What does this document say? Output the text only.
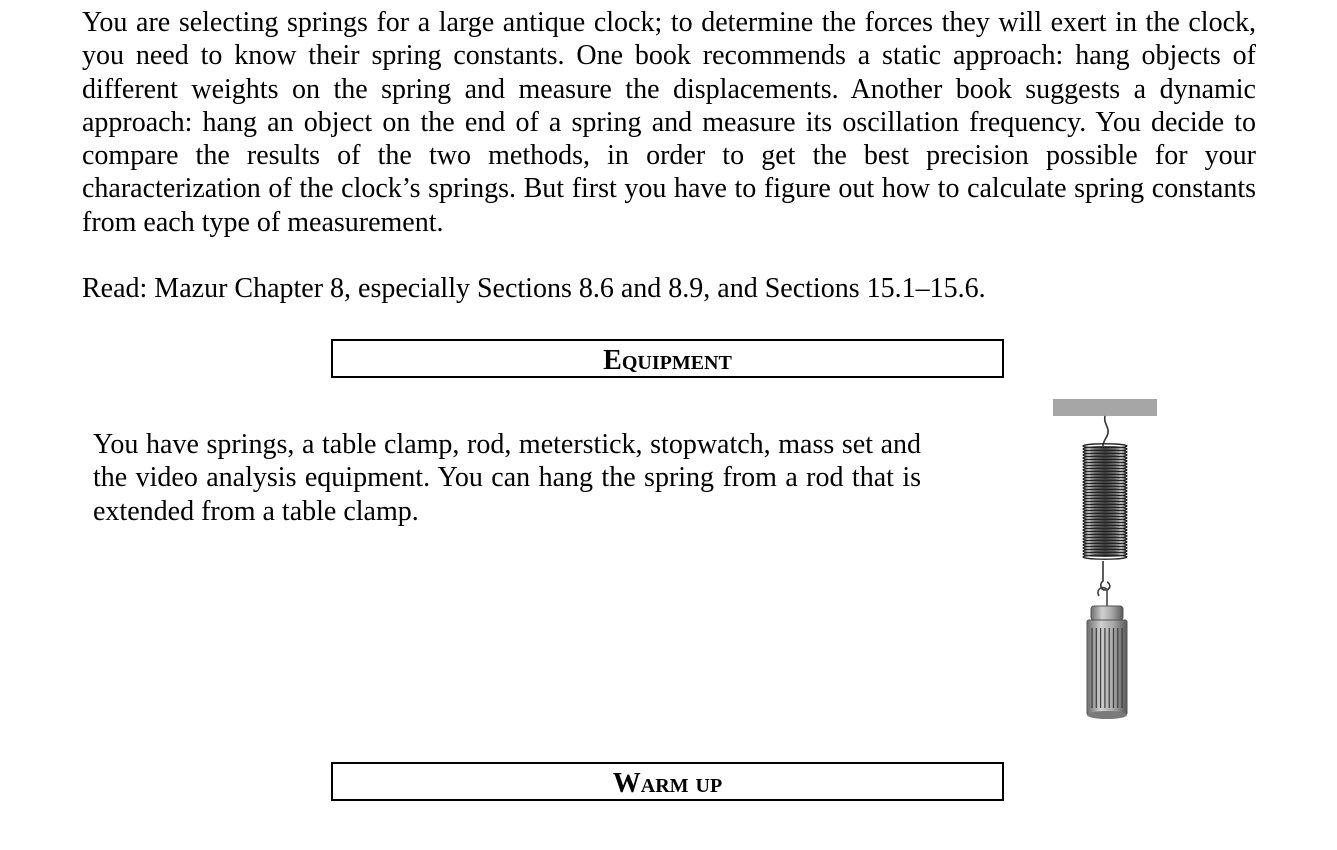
You are selecting springs for a large antique clock; to determine the forces they will exert in the clock, you need to know their spring constants. One book recommends a static approach: hang objects of different weights on the spring and measure the displacements. Another book suggests a dynamic approach: hang an object on the end of a spring and measure its oscillation frequency. You decide to compare the results of the two methods, in order to get the best precision possible for your characterization of the clock’s springs. But first you have to figure out how to calculate spring constants from each type of measurement.

Read: Mazur Chapter 8, especially Sections 8.6 and 8.9, and Sections 15.1–15.6.

Equipment

You have springs, a table clamp, rod, meterstick, stopwatch, mass set and the video analysis equipment. You can hang the spring from a rod that is extended from a table clamp.

Warm up
